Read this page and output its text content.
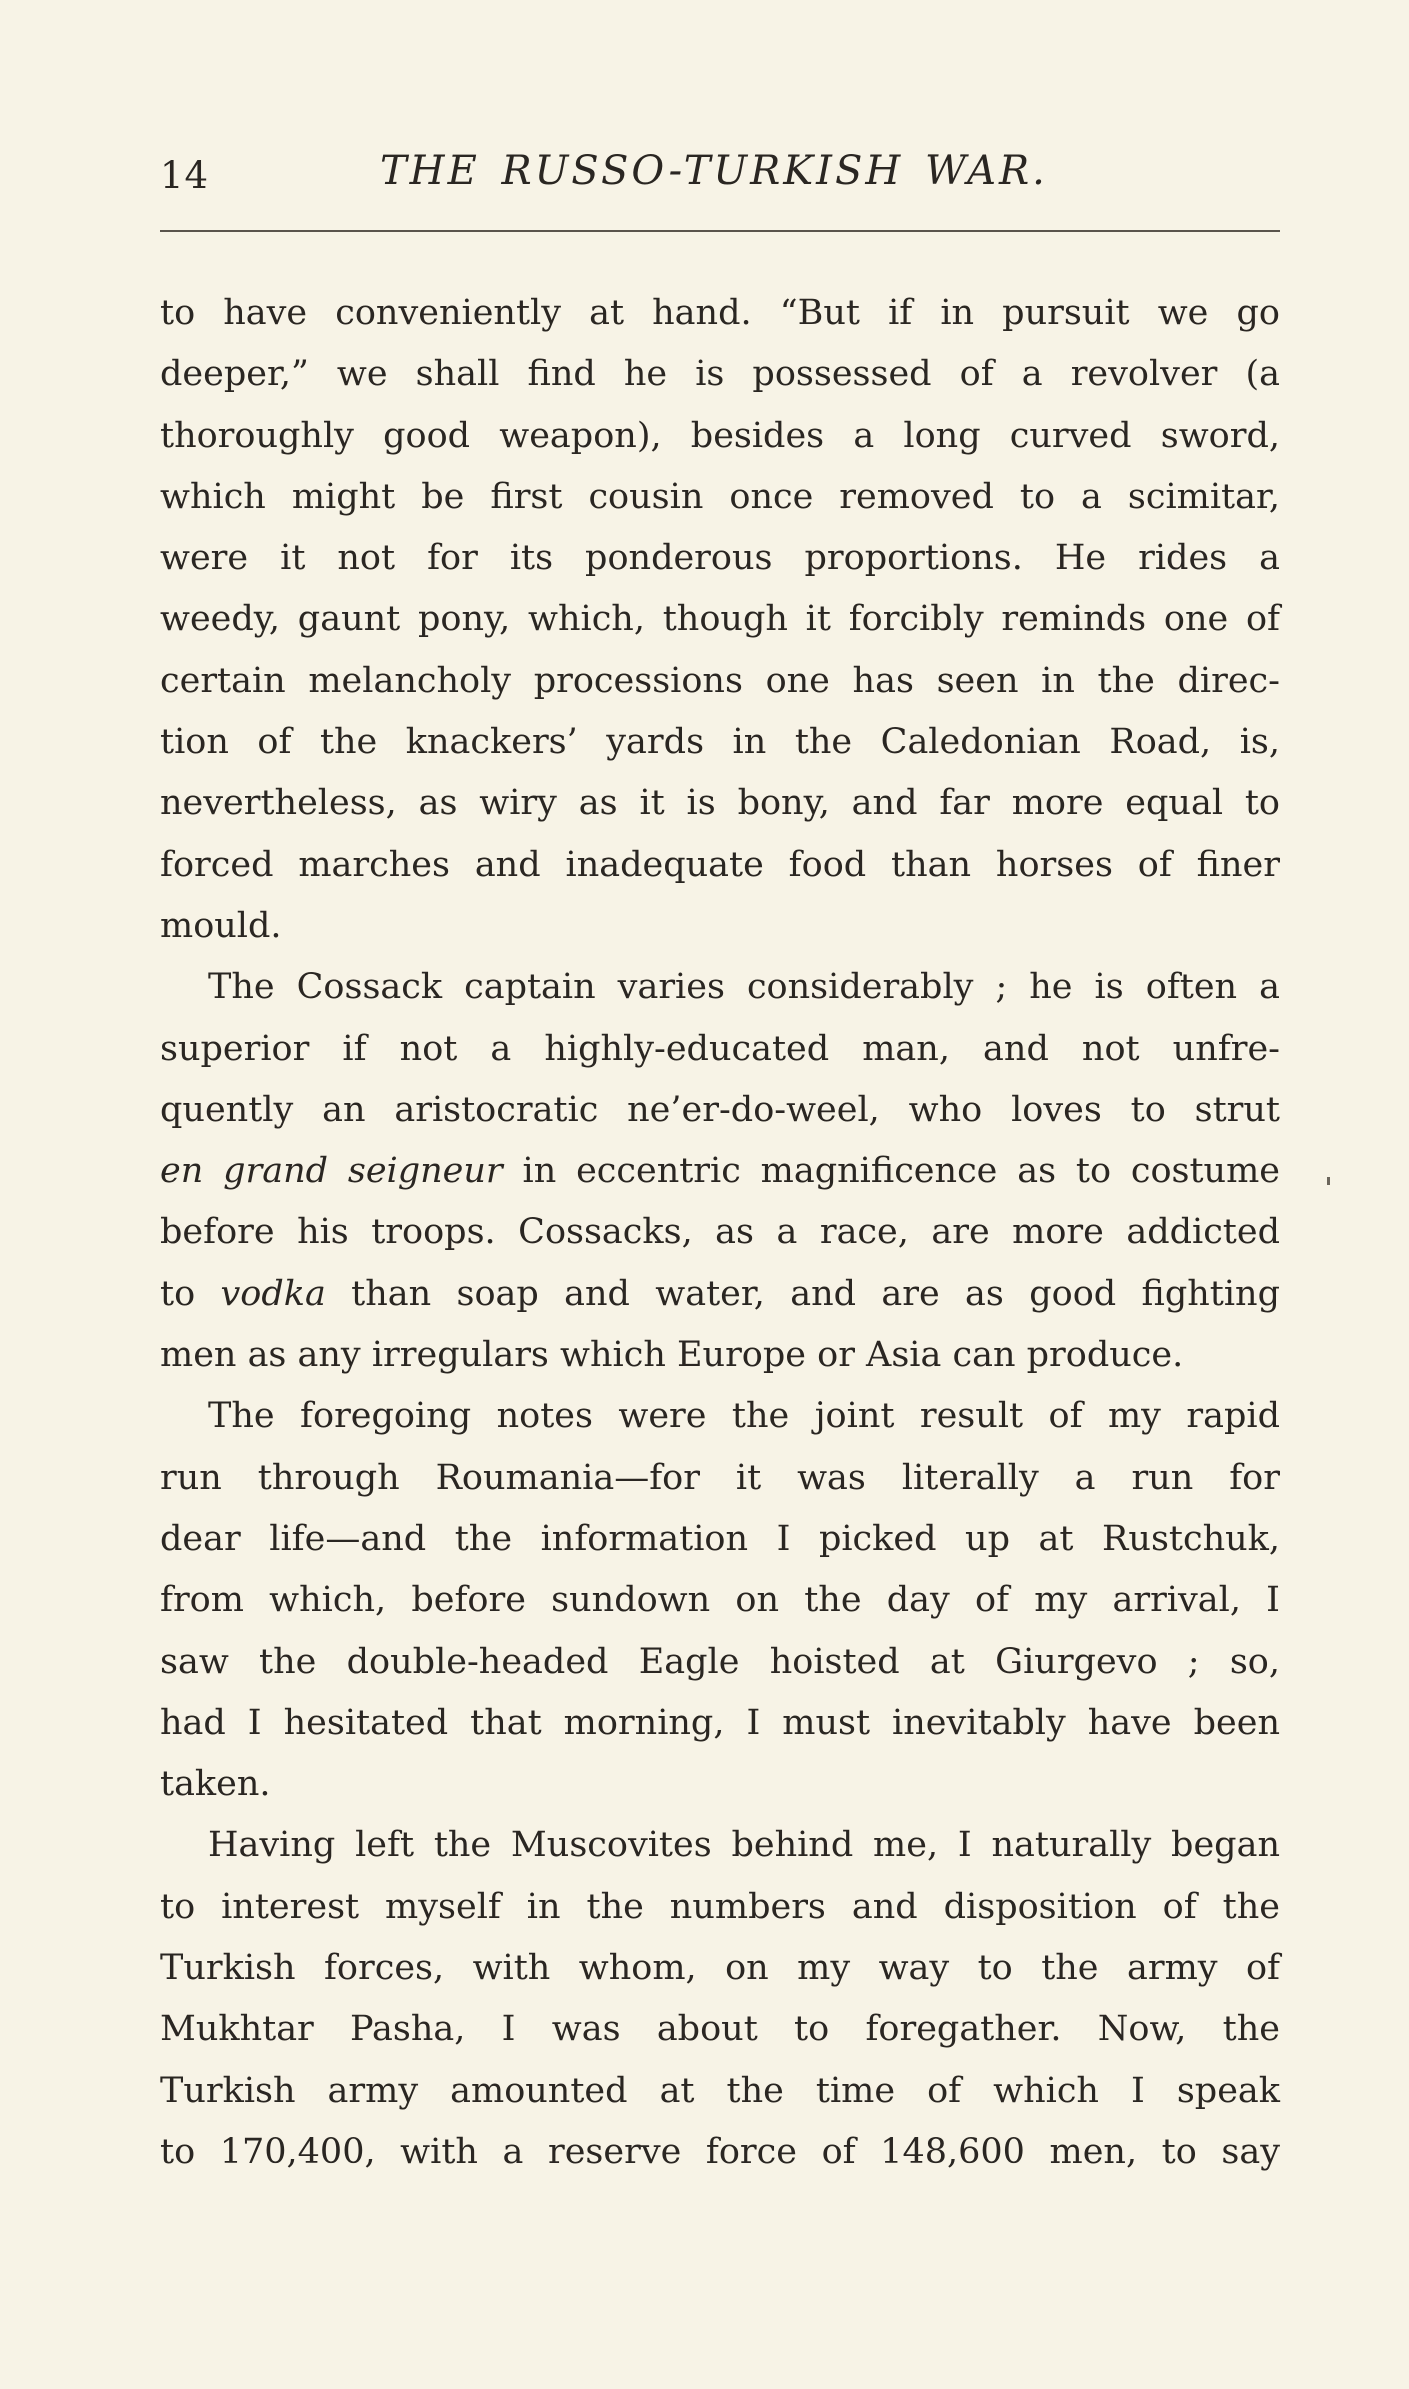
14	THE RUSSO-TURKISH WAR.
to have conveniently at hand. “But if in pursuit we go
deeper,” we shall find he is possessed of a revolver (a
thoroughly good weapon), besides a long curved sword,
which might be first cousin once removed to a scimitar,
were it not for its ponderous proportions. He rides a
weedy, gaunt pony, which, though it forcibly reminds one of
certain melancholy processions one has seen in the direc-
tion of the knackers’ yards in the Caledonian Road, is,
nevertheless, as wiry as it is bony, and far more equal to
forced marches and inadequate food than horses of finer
mould.
The Cossack captain varies considerably ; he is often a
superior if not a highly-educated man, and not unfre-
quently an aristocratic ne’er-do-weel, who loves to strut
en grand seigneur in eccentric magnificence as to costume
before his troops. Cossacks, as a race, are more addicted
to vodka than soap and water, and are as good fighting
men as any irregulars which Europe or Asia can produce.
The foregoing notes were the joint result of my rapid
run through Roumania—for it was literally a run for
dear life—and the information I picked up at Rustchuk,
from which, before sundown on the day of my arrival, I
saw the double-headed Eagle hoisted at Giurgevo ; so,
had I hesitated that morning, I must inevitably have been
taken.
Having left the Muscovites behind me, I naturally began
to interest myself in the numbers and disposition of the
Turkish forces, with whom, on my way to the army of
Mukhtar Pasha, I was about to foregather. Now, the
Turkish army amounted at the time of which I speak
to 170,400, with a reserve force of 148,600 men, to say
